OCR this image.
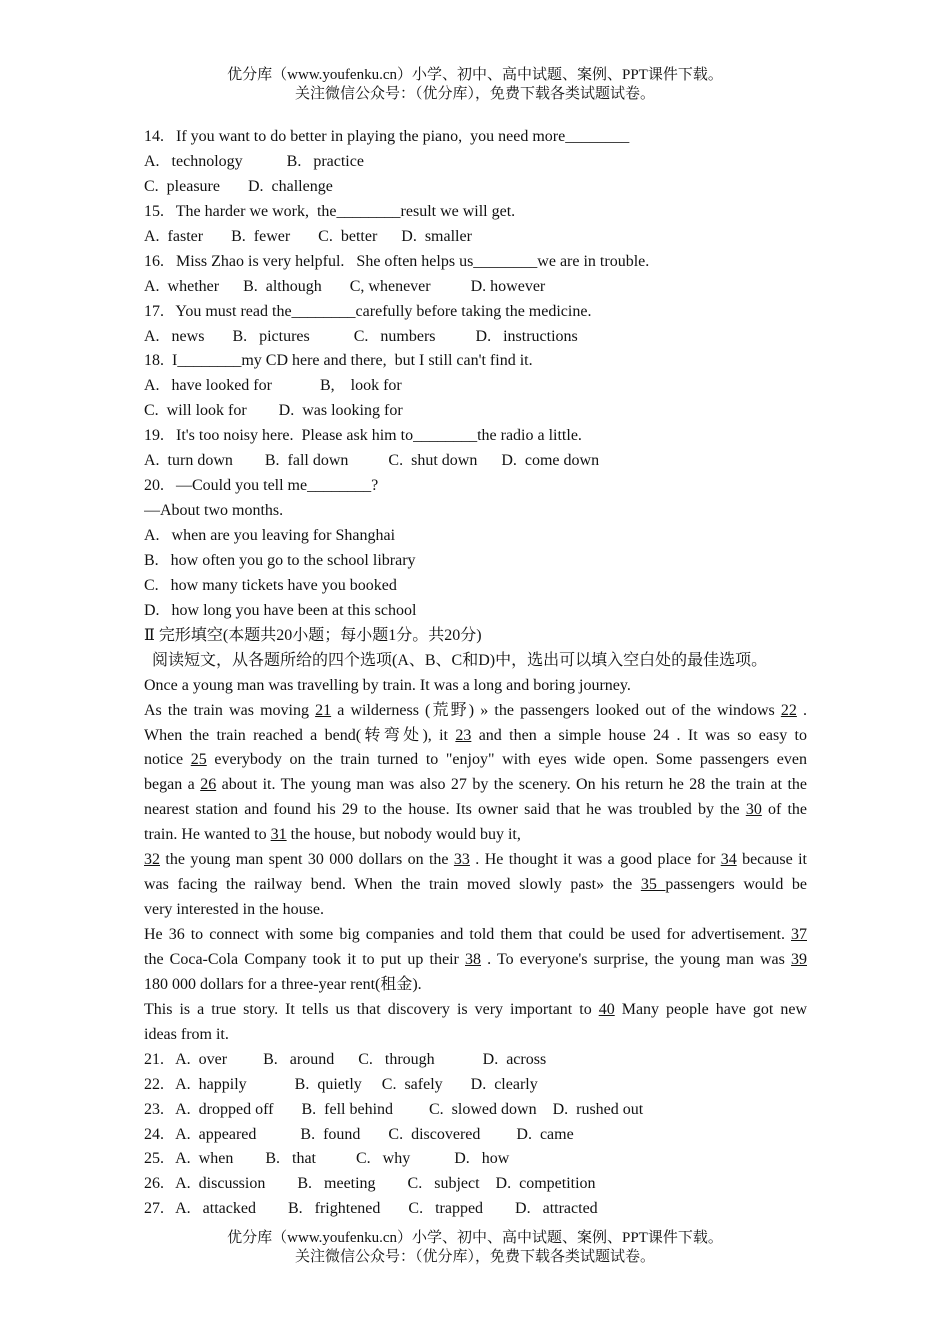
优分库（www.youfenku.cn）小学、初中、高中试题、案例、PPT课件下载。
关注微信公众号：（优分库），免费下载各类试题试卷。
14.   If you want to do better in playing the piano,  you need more________
A.   technology           B.   practice
C.  pleasure       D.  challenge
15.   The harder we work,  the________result we will get.
A.  faster       B.  fewer       C.  better      D.  smaller
16.   Miss Zhao is very helpful.   She often helps us________we are in trouble.
A.  whether      B.  although       C, whenever          D. however
17.   You must read the________carefully before taking the medicine.
A.   news       B.   pictures           C.   numbers          D.   instructions
18.  I________my CD here and there,  but I still can't find it.
A.   have looked for            B,    look for
C.  will look for        D.  was looking for
19.   It's too noisy here.  Please ask him to________the radio a little.
A.  turn down        B.  fall down          C.  shut down      D.  come down
20.   —Could you tell me________?
—About two months.
A.   when are you leaving for Shanghai
B.   how often you go to the school library
C.   how many tickets have you booked
D.   how long you have been at this school
Ⅱ 完形填空(本题共20小题；每小题1分。共20分)
阅读短文，从各题所给的四个选项(A、B、C和D)中，选出可以填入空白处的最佳选项。
Once a young man was travelling by train. It was a long and boring journey.
As the train was moving 21 a wilderness (荒野) » the passengers looked out of the windows 22 .
When the train reached a bend(转弯处), it 23 and then a simple house 24 . It was so easy to
notice 25 everybody on the train turned to "enjoy" with eyes wide open. Some passengers even
began a 26 about it. The young man was also 27 by the scenery. On his return he 28 the train at the
nearest station and found his 29 to the house. Its owner said that he was troubled by the 30 of the
train. He wanted to 31 the house, but nobody would buy it,
32 the young man spent 30 000 dollars on the 33 . He thought it was a good place for 34 because it
was facing the railway bend. When the train moved slowly past» the 35 passengers would be
very interested in the house.
He 36 to connect with some big companies and told them that could be used for advertisement. 37
the Coca-Cola Company took it to put up their 38 . To everyone's surprise, the young man was 39
180 000 dollars for a three-year rent(租金).
This is a true story. It tells us that discovery is very important to 40 Many people have got new
ideas from it.
21.   A.  over         B.   around      C.   through            D.  across
22.   A.  happily            B.  quietly     C.  safely       D.  clearly
23.   A.  dropped off       B.  fell behind         C.  slowed down    D.  rushed out
24.   A.  appeared           B.  found       C.  discovered         D.  came
25.   A.  when        B.   that          C.   why           D.   how
26.   A.  discussion        B.   meeting        C.   subject    D.  competition
27.   A.   attacked        B.   frightened       C.   trapped        D.   attracted
优分库（www.youfenku.cn）小学、初中、高中试题、案例、PPT课件下载。
关注微信公众号：（优分库），免费下载各类试题试卷。
